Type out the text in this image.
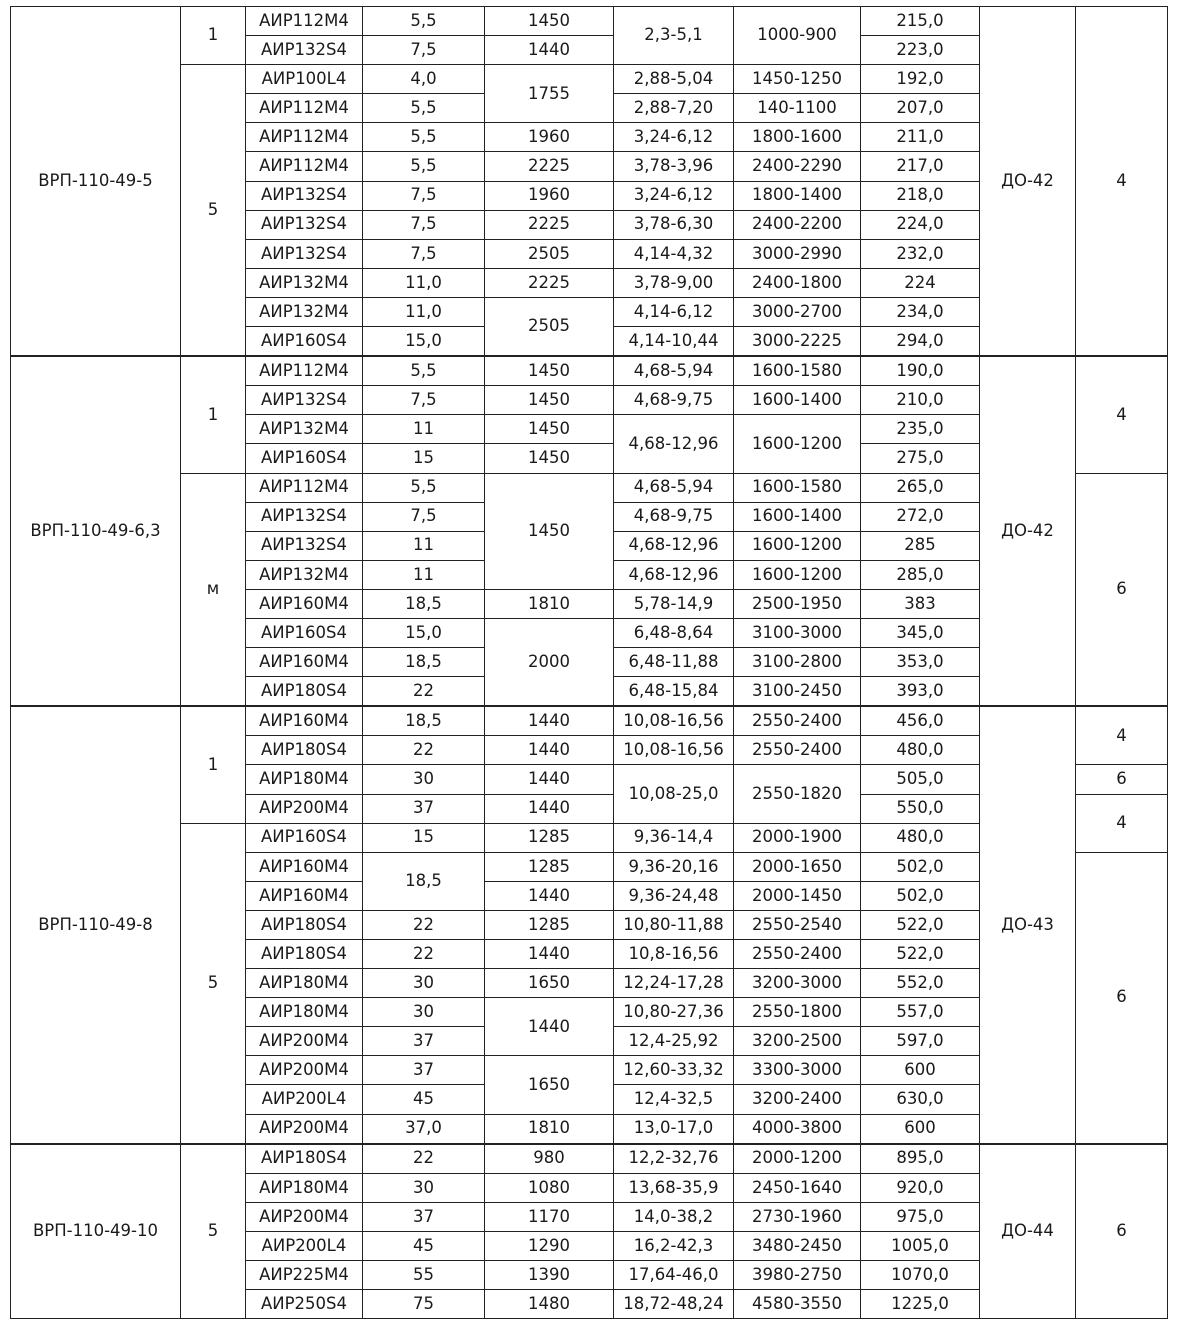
ВРП-110-49-5	1	АИР112М4	5,5	1450	2,3-5,1	1000-900	215,0	ДО-42	4
		АИР132S4	7,5	1440			223,0		
	5	АИР100L4	4,0	1755	2,88-5,04	1450-1250	192,0		
		АИР112М4	5,5		2,88-7,20	140-1100	207,0		
		АИР112М4	5,5	1960	3,24-6,12	1800-1600	211,0		
		АИР112М4	5,5	2225	3,78-3,96	2400-2290	217,0		
		АИР132S4	7,5	1960	3,24-6,12	1800-1400	218,0		
		АИР132S4	7,5	2225	3,78-6,30	2400-2200	224,0		
		АИР132S4	7,5	2505	4,14-4,32	3000-2990	232,0		
		АИР132М4	11,0	2225	3,78-9,00	2400-1800	224		
		АИР132М4	11,0	2505	4,14-6,12	3000-2700	234,0		
		АИР160S4	15,0		4,14-10,44	3000-2225	294,0		
ВРП-110-49-6,3	1	АИР112М4	5,5	1450	4,68-5,94	1600-1580	190,0	ДО-42	4
		АИР132S4	7,5	1450	4,68-9,75	1600-1400	210,0		
		АИР132М4	11	1450	4,68-12,96	1600-1200	235,0		
		АИР160S4	15	1450			275,0		
	м	АИР112М4	5,5	1450	4,68-5,94	1600-1580	265,0		6
		АИР132S4	7,5		4,68-9,75	1600-1400	272,0		
		АИР132S4	11		4,68-12,96	1600-1200	285		
		АИР132М4	11		4,68-12,96	1600-1200	285,0		
		АИР160М4	18,5	1810	5,78-14,9	2500-1950	383		
		АИР160S4	15,0	2000	6,48-8,64	3100-3000	345,0		
		АИР160М4	18,5		6,48-11,88	3100-2800	353,0		
		АИР180S4	22		6,48-15,84	3100-2450	393,0		
ВРП-110-49-8	1	АИР160М4	18,5	1440	10,08-16,56	2550-2400	456,0	ДО-43	4
		АИР180S4	22	1440	10,08-16,56	2550-2400	480,0		
		АИР180М4	30	1440	10,08-25,0	2550-1820	505,0		6
		АИР200М4	37	1440			550,0		4
	5	АИР160S4	15	1285	9,36-14,4	2000-1900	480,0		
		АИР160М4	18,5	1285	9,36-20,16	2000-1650	502,0		6
		АИР160М4		1440	9,36-24,48	2000-1450	502,0		
		АИР180S4	22	1285	10,80-11,88	2550-2540	522,0		
		АИР180S4	22	1440	10,8-16,56	2550-2400	522,0		
		АИР180М4	30	1650	12,24-17,28	3200-3000	552,0		
		АИР180М4	30	1440	10,80-27,36	2550-1800	557,0		
		АИР200М4	37		12,4-25,92	3200-2500	597,0		
		АИР200М4	37	1650	12,60-33,32	3300-3000	600		
		АИР200L4	45		12,4-32,5	3200-2400	630,0		
		АИР200М4	37,0	1810	13,0-17,0	4000-3800	600		
ВРП-110-49-10	5	АИР180S4	22	980	12,2-32,76	2000-1200	895,0	ДО-44	6
		АИР180М4	30	1080	13,68-35,9	2450-1640	920,0		
		АИР200М4	37	1170	14,0-38,2	2730-1960	975,0		
		АИР200L4	45	1290	16,2-42,3	3480-2450	1005,0		
		АИР225М4	55	1390	17,64-46,0	3980-2750	1070,0		
		АИР250S4	75	1480	18,72-48,24	4580-3550	1225,0		
